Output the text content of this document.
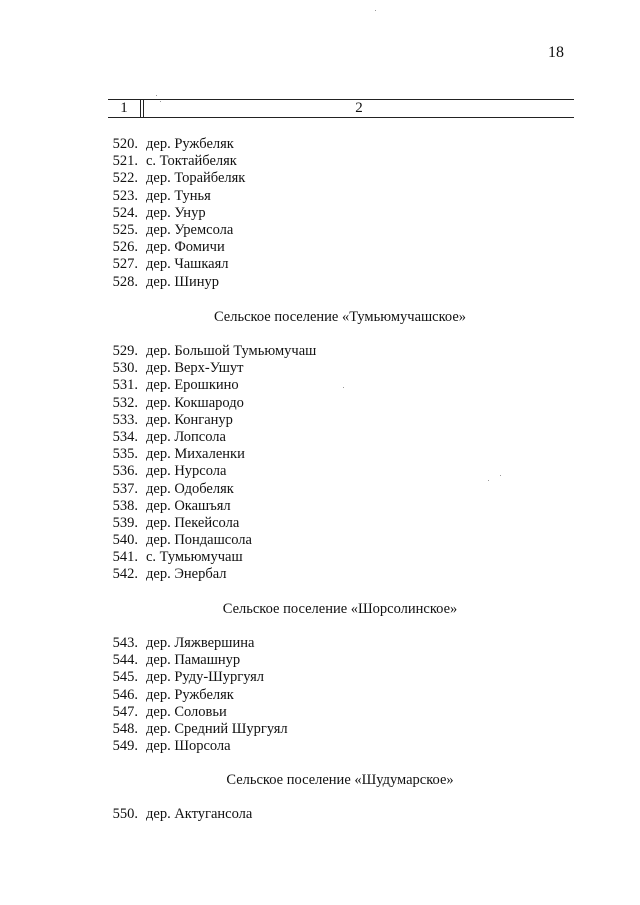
18
1	2
520. дер. Ружбеляк
521. с. Токтайбеляк
522. дер. Торайбеляк
523. дер. Тунья
524. дер. Унур
525. дер. Уремсола
526. дер. Фомичи
527. дер. Чашкаял
528. дер. Шинур
Сельское поселение «Тумьюмучашское»
529. дер. Большой Тумьюмучаш
530. дер. Верх-Ушут
531. дер. Ерошкино
532. дер. Кокшародо
533. дер. Конганур
534. дер. Лопсола
535. дер. Михаленки
536. дер. Нурсола
537. дер. Одобеляк
538. дер. Окашъял
539. дер. Пекейсола
540. дер. Пондашсола
541. с. Тумьюмучаш
542. дер. Энербал
Сельское поселение «Шорсолинское»
543. дер. Ляжвершина
544. дер. Памашнур
545. дер. Руду-Шургуял
546. дер. Ружбеляк
547. дер. Соловьи
548. дер. Средний Шургуял
549. дер. Шорсола
Сельское поселение «Шудумарское»
550. дер. Актугансола
